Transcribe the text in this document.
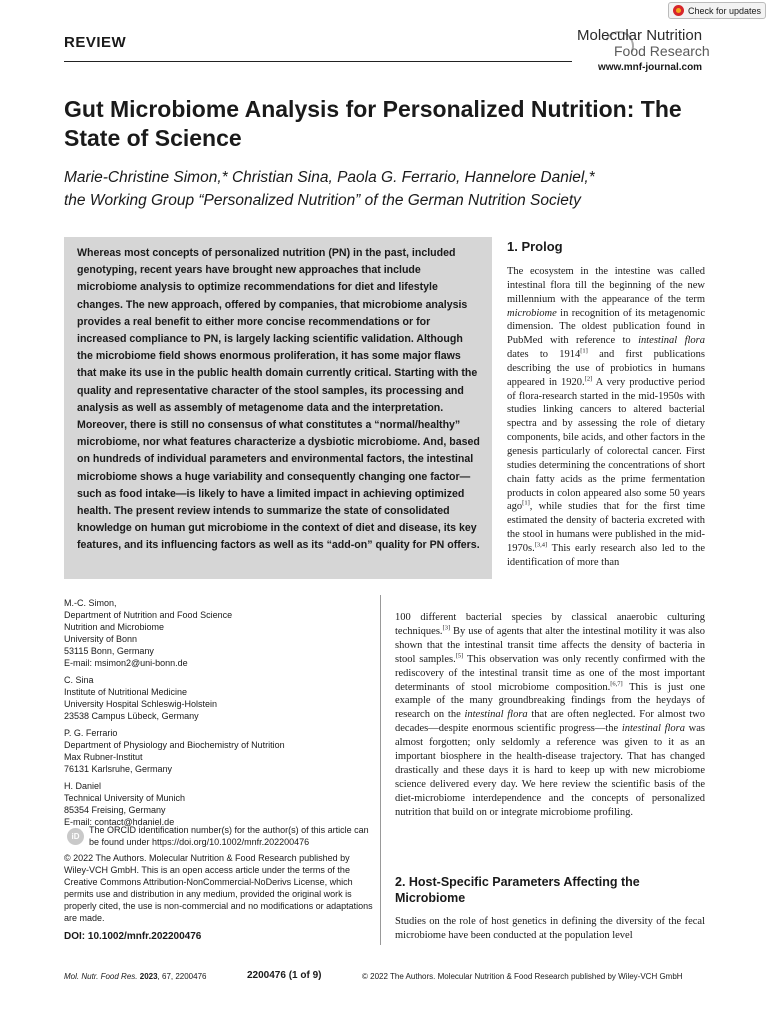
Check for updates
REVIEW	Molecular Nutrition
Food Research
www.mnf-journal.com
Gut Microbiome Analysis for Personalized Nutrition: The State of Science
Marie-Christine Simon,* Christian Sina, Paola G. Ferrario, Hannelore Daniel,*
the Working Group “Personalized Nutrition” of the German Nutrition Society
Whereas most concepts of personalized nutrition (PN) in the past, included genotyping, recent years have brought new approaches that include microbiome analysis to optimize recommendations for diet and lifestyle changes. The new approach, offered by companies, that microbiome analysis provides a real benefit to either more concise recommendations or for increased compliance to PN, is largely lacking scientific validation. Although the microbiome field shows enormous proliferation, it has some major flaws that make its use in the public health domain currently critical. Starting with the quality and representative character of the stool samples, its processing and analysis as well as assembly of metagenome data and the interpretation. Moreover, there is still no consensus of what constitutes a “normal/healthy” microbiome, nor what features characterize a dysbiotic microbiome. And, based on hundreds of individual parameters and environmental factors, the intestinal microbiome shows a huge variability and consequently changing one factor—such as food intake—is likely to have a limited impact in achieving optimized health. The present review intends to summarize the state of consolidated knowledge on human gut microbiome in the context of diet and disease, its key features, and its influencing factors as well as its “add-on” quality for PN offers.
1. Prolog
The ecosystem in the intestine was called intestinal flora till the beginning of the new millennium with the appearance of the term microbiome in recognition of its metagenomic dimension. The oldest publication found in PubMed with reference to intestinal flora dates to 1914[1] and first publications describing the use of probiotics in humans appeared in 1920.[2] A very productive period of flora-research started in the mid-1950s with studies linking cancers to altered bacterial spectra and by assessing the role of dietary components, bile acids, and other factors in the genesis particularly of colorectal cancer. First studies determining the concentrations of short chain fatty acids as the prime fermentation products in colon appeared also some 50 years ago[1], while studies that for the first time estimated the density of bacteria excreted with the stool in humans were published in the mid-1970s.[3,4] This early research also led to the identification of more than
100 different bacterial species by classical anaerobic culturing techniques.[3] By use of agents that alter the intestinal motility it was also shown that the intestinal transit time affects the density of bacteria in stool samples.[5] This observation was only recently confirmed with the rediscovery of the intestinal transit time as one of the most important determinants of stool microbiome composition.[6,7] This is just one example of the many groundbreaking findings from the heydays of research on the intestinal flora that are often neglected. For almost two decades—despite enormous scientific progress—the intestinal flora was almost forgotten; only seldomly a reference was given to it as an important biosphere in the health-disease trajectory. That has changed drastically and these days it is hard to keep up with new microbiome science delivered every day. We here review the scientific basis of the diet-microbiome interdependence and the concepts of personalized nutrition that build on or integrate microbiome profiling.
M.-C. Simon,
Department of Nutrition and Food Science
Nutrition and Microbiome
University of Bonn
53115 Bonn, Germany
E-mail: msimon2@uni-bonn.de
C. Sina
Institute of Nutritional Medicine
University Hospital Schleswig-Holstein
23538 Campus Lübeck, Germany
P. G. Ferrario
Department of Physiology and Biochemistry of Nutrition
Max Rubner-Institut
76131 Karlsruhe, Germany
H. Daniel
Technical University of Munich
85354 Freising, Germany
E-mail: contact@hdaniel.de
iD
The ORCID identification number(s) for the author(s) of this article can be found under https://doi.org/10.1002/mnfr.202200476
© 2022 The Authors. Molecular Nutrition & Food Research published by Wiley-VCH GmbH. This is an open access article under the terms of the Creative Commons Attribution-NonCommercial-NoDerivs License, which permits use and distribution in any medium, provided the original work is properly cited, the use is non-commercial and no modifications or adaptations are made.
DOI: 10.1002/mnfr.202200476
2. Host-Specific Parameters Affecting the Microbiome
Studies on the role of host genetics in defining the diversity of the fecal microbiome have been conducted at the population level
Mol. Nutr. Food Res. 2023, 67, 2200476	2200476 (1 of 9)	© 2022 The Authors. Molecular Nutrition & Food Research published by Wiley-VCH GmbH
